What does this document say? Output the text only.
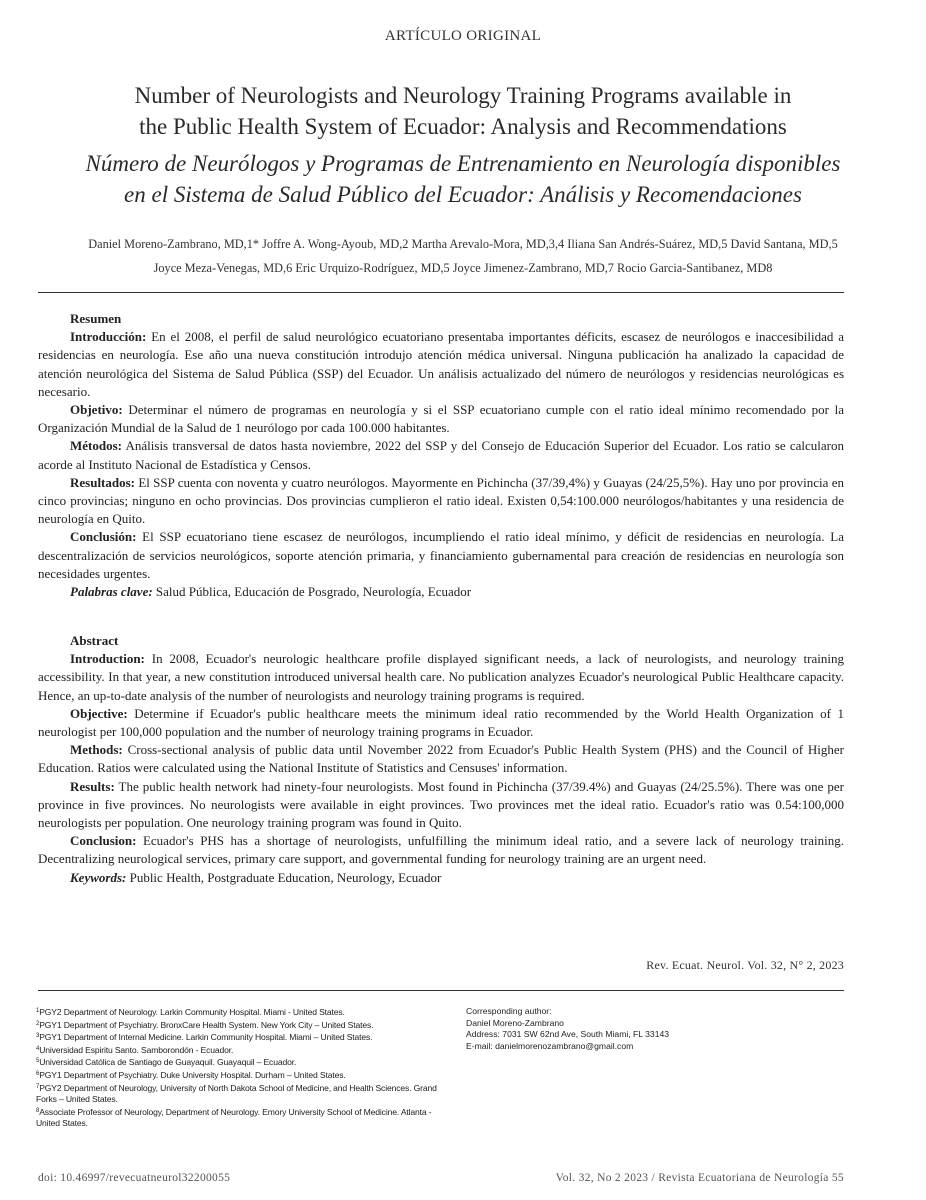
ARTÍCULO ORIGINAL
Number of Neurologists and Neurology Training Programs available in
the Public Health System of Ecuador: Analysis and Recommendations
Número de Neurólogos y Programas de Entrenamiento en Neurología disponibles
en el Sistema de Salud Público del Ecuador: Análisis y Recomendaciones
Daniel Moreno-Zambrano, MD,1* Joffre A. Wong-Ayoub, MD,2 Martha Arevalo-Mora, MD,3,4 Iliana San Andrés-Suárez, MD,5 David Santana, MD,5
Joyce Meza-Venegas, MD,6 Eric Urquizo-Rodríguez, MD,5 Joyce Jimenez-Zambrano, MD,7 Rocio Garcia-Santibanez, MD8
Resumen

Introducción: En el 2008, el perfil de salud neurológico ecuatoriano presentaba importantes déficits, escasez de neurólogos e inaccesibilidad a residencias en neurología. Ese año una nueva constitución introdujo atención médica universal. Ninguna publicación ha analizado la capacidad de atención neurológica del Sistema de Salud Pública (SSP) del Ecuador. Un análisis actualizado del número de neurólogos y residencias neurológicas es necesario.

Objetivo: Determinar el número de programas en neurología y si el SSP ecuatoriano cumple con el ratio ideal mínimo recomendado por la Organización Mundial de la Salud de 1 neurólogo por cada 100.000 habitantes.

Métodos: Análisis transversal de datos hasta noviembre, 2022 del SSP y del Consejo de Educación Superior del Ecuador. Los ratio se calcularon acorde al Instituto Nacional de Estadística y Censos.

Resultados: El SSP cuenta con noventa y cuatro neurólogos. Mayormente en Pichincha (37/39,4%) y Guayas (24/25,5%). Hay uno por provincia en cinco provincias; ninguno en ocho provincias. Dos provincias cumplieron el ratio ideal. Existen 0,54:100.000 neurólogos/habitantes y una residencia de neurología en Quito.

Conclusión: El SSP ecuatoriano tiene escasez de neurólogos, incumpliendo el ratio ideal mínimo, y déficit de residencias en neurología. La descentralización de servicios neurológicos, soporte atención primaria, y financiamiento gubernamental para creación de residencias en neurología son necesidades urgentes.

Palabras clave: Salud Pública, Educación de Posgrado, Neurología, Ecuador

Abstract

Introduction: In 2008, Ecuador's neurologic healthcare profile displayed significant needs, a lack of neurologists, and neurology training accessibility. In that year, a new constitution introduced universal health care. No publication analyzes Ecuador's neurological Public Healthcare capacity. Hence, an up-to-date analysis of the number of neurologists and neurology training programs is required.

Objective: Determine if Ecuador's public healthcare meets the minimum ideal ratio recommended by the World Health Organization of 1 neurologist per 100,000 population and the number of neurology training programs in Ecuador.

Methods: Cross-sectional analysis of public data until November 2022 from Ecuador's Public Health System (PHS) and the Council of Higher Education. Ratios were calculated using the National Institute of Statistics and Censuses' information.

Results: The public health network had ninety-four neurologists. Most found in Pichincha (37/39.4%) and Guayas (24/25.5%). There was one per province in five provinces. No neurologists were available in eight provinces. Two provinces met the ideal ratio. Ecuador's ratio was 0.54:100,000 neurologists per population. One neurology training program was found in Quito.

Conclusion: Ecuador's PHS has a shortage of neurologists, unfulfilling the minimum ideal ratio, and a severe lack of neurology training. Decentralizing neurological services, primary care support, and governmental funding for neurology training are an urgent need.

Keywords: Public Health, Postgraduate Education, Neurology, Ecuador

Rev. Ecuat. Neurol. Vol. 32, N° 2, 2023
$^1$PGY2 Department of Neurology. Larkin Community Hospital. Miami - United States.
$^2$PGY1 Department of Psychiatry. BronxCare Health System. New York City – United States.
$^3$PGY1 Department of Internal Medicine. Larkin Community Hospital. Miami – United States.
$^4$Universidad Espiritu Santo. Samborondón - Ecuador.
$^5$Universidad Católica de Santiago de Guayaquil. Guayaquil – Ecuador.
$^6$PGY1 Department of Psychiatry. Duke University Hospital. Durham – United States.
$^7$PGY2 Department of Neurology, University of North Dakota School of Medicine, and Health Sciences. Grand Forks – United States.
$^8$Associate Professor of Neurology, Department of Neurology. Emory University School of Medicine. Atlanta - United States.
Corresponding author:
Daniel Moreno-Zambrano
Address: 7031 SW 62nd Ave, South Miami, FL 33143
E-mail: danielmorenozambrano@gmail.com
doi: 10.46997/revecuatneurol32200055	Vol. 32, No 2 2023 / Revista Ecuatoriana de Neurología 55
